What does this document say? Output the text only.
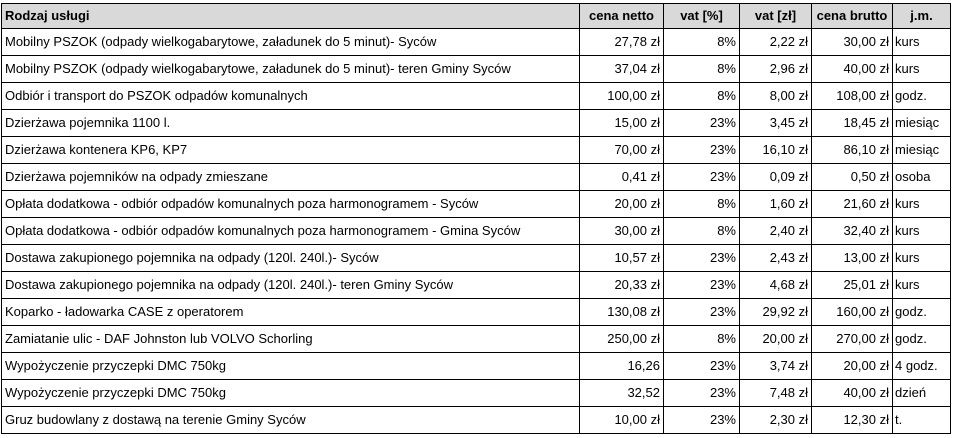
Rodzaj usługi	cena netto	vat [%]	vat [zł]	cena brutto	j.m.
Mobilny PSZOK (odpady wielkogabarytowe, załadunek do 5 minut)- Syców	27,78 zł	8%	2,22 zł	30,00 zł	kurs
Mobilny PSZOK (odpady wielkogabarytowe, załadunek do 5 minut)- teren Gminy Syców	37,04 zł	8%	2,96 zł	40,00 zł	kurs
Odbiór i transport do PSZOK odpadów komunalnych	100,00 zł	8%	8,00 zł	108,00 zł	godz.
Dzierżawa pojemnika 1100 l.	15,00 zł	23%	3,45 zł	18,45 zł	miesiąc
Dzierżawa kontenera KP6, KP7	70,00 zł	23%	16,10 zł	86,10 zł	miesiąc
Dzierżawa pojemników na odpady zmieszane	0,41 zł	23%	0,09 zł	0,50 zł	osoba
Opłata dodatkowa - odbiór odpadów komunalnych poza harmonogramem - Syców	20,00 zł	8%	1,60 zł	21,60 zł	kurs
Opłata dodatkowa - odbiór odpadów komunalnych poza harmonogramem - Gmina Syców	30,00 zł	8%	2,40 zł	32,40 zł	kurs
Dostawa zakupionego pojemnika na odpady (120l. 240l.)- Syców	10,57 zł	23%	2,43 zł	13,00 zł	kurs
Dostawa zakupionego pojemnika na odpady (120l. 240l.)- teren Gminy Syców	20,33 zł	23%	4,68 zł	25,01 zł	kurs
Koparko - ładowarka CASE z operatorem	130,08 zł	23%	29,92 zł	160,00 zł	godz.
Zamiatanie ulic - DAF Johnston lub VOLVO Schorling	250,00 zł	8%	20,00 zł	270,00 zł	godz.
Wypożyczenie przyczepki DMC 750kg	16,26	23%	3,74 zł	20,00 zł	4 godz.
Wypożyczenie przyczepki DMC 750kg	32,52	23%	7,48 zł	40,00 zł	dzień
Gruz budowlany z dostawą na terenie Gminy Syców	10,00 zł	23%	2,30 zł	12,30 zł	t.
